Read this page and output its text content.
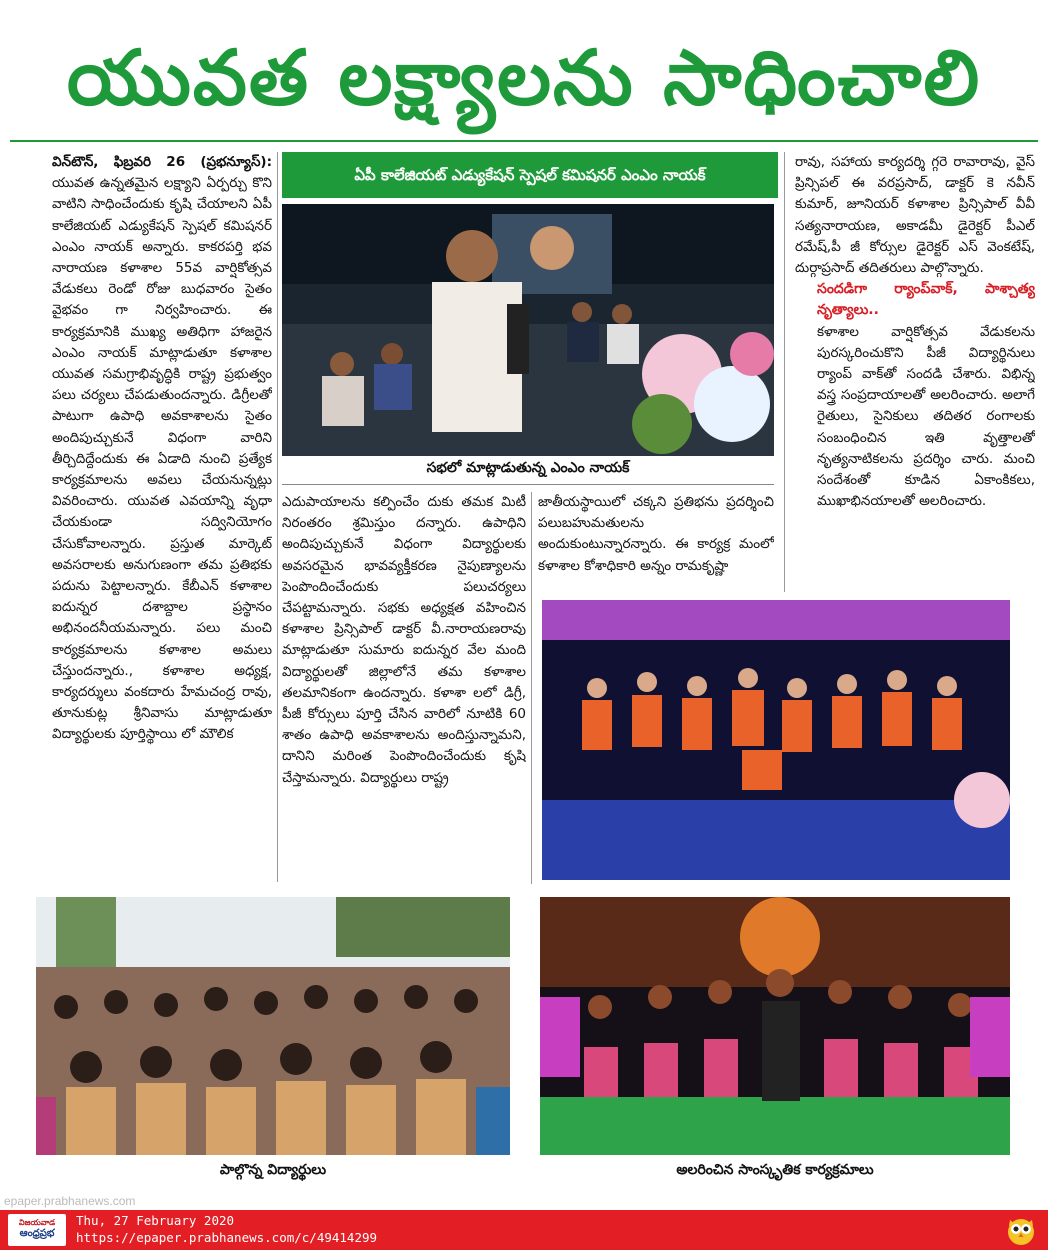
యువత లక్ష్యాలను సాధించాలి

విన్‌టౌన్, ఫిబ్రవరి 26 (ప్రభన్యూస్): యువత ఉన్నతమైన లక్ష్యాని ఏర్పర్చు కొని వాటిని సాధించేందుకు కృషి చేయాలని ఏపీ కాలేజియట్ ఎడ్యుకేషన్ స్పెషల్ కమిషనర్ ఎంఎం నాయక్ అన్నారు. కాకరపర్తి భవ నారాయణ కళాశాల 55వ వార్షికోత్సవ వేడుకలు రెండో రోజు బుధవారం సైతం వైభవం గా నిర్వహించారు. ఈ కార్యక్రమానికి ముఖ్య అతిధిగా హాజరైన ఎంఎం నాయక్ మాట్లాడుతూ కళాశాల యువత సమగ్రాభివృద్ధికి రాష్ట్ర ప్రభుత్వం పలు చర్యలు చేపడుతుందన్నారు. డిగ్రీలతో పాటుగా ఉపాధి అవకాశాలను సైతం అందిపుచ్చుకునే విధంగా వారిని తీర్చిదిద్దేందుకు ఈ ఏడాది నుంచి ప్రత్యేక కార్యక్రమాలను అవలు చేయనున్నట్లు వివరించారు. యువత ఎవయాన్ని వృధా చేయకుండా సద్వినియోగం చేసుకోవాలన్నారు. ప్రస్తుత మార్కెట్ అవసరాలకు అనుగుణంగా తమ ప్రతిభకు పదును పెట్టాలన్నారు. కేబీఎన్ కళాశాల ఐదున్నర దశాబ్దాల ప్రస్థానం అభినందనీయమన్నారు. పలు మంచి కార్యక్రమాలను కళాశాల అమలు చేస్తుందన్నారు., కళాశాల అధ్యక్ష, కార్యదర్శులు వంకదారు హేమచంద్ర రావు, తూనుకుట్ల శ్రీనివాసు మాట్లాడుతూ విద్యార్థులకు పూర్తిస్థాయి లో మౌలిక

ఏపీ కాలేజియట్ ఎడ్యుకేషన్ స్పెషల్ కమిషనర్ ఎంఎం నాయక్
సభలో మాట్లాడుతున్న ఎంఎం నాయక్

ఎదుపాయాలను కల్పించేం దుకు తమక మిటీ నిరంతరం శ్రమిస్తుం దన్నారు. ఉపాధిని అందిపుచ్చుకునే విధంగా విద్యార్థులకు అవసరమైన భావవ్యక్తీకరణ నైపుణ్యాలను పెంపొందించేందుకు పలుచర్యలు చేపట్టామన్నారు. సభకు అధ్యక్షత వహించిన కళాశాల ప్రిన్సిపాల్ డాక్టర్ వీ.నారాయణరావు మాట్లాడుతూ సుమారు ఐదున్నర వేల మంది విద్యార్థులతో జిల్లాలోనే తమ కళాశాల తలమానికంగా ఉందన్నారు. కళాశా లలో డిగ్రీ, పీజీ కోర్సులు పూర్తి చేసిన వారిలో నూటికి 60 శాతం ఉపాధి అవకాశాలను అందిస్తున్నామని, దానిని మరింత పెంపొందించేందుకు కృషి చేస్తామన్నారు. విద్యార్థులు రాష్ట్ర

జాతీయస్థాయిలో చక్కని ప్రతిభను ప్రదర్శించి పలుబహుమతులను అందుకుంటున్నారన్నారు. ఈ కార్యక్ర మంలో కళాశాల కోశాధికారి అన్నం రామకృష్ణా

రావు, సహాయ కార్యదర్శి గ్గరె రావారావు, వైస్ ప్రిన్సిపల్ ఈ వరప్రసాద్, డాక్టర్ కె నవీన్ కుమార్, జూనియర్ కళాశాల ప్రిన్సిపాల్ వీవీ సత్యనారాయణ, అకాడమీ డైరెక్టర్ పీఎల్ రమేష్,పీ జీ కోర్సుల డైరెక్టర్ ఎస్ వెంకటేష్, దుర్గాప్రసాద్ తదితరులు పాల్గొన్నారు.

సందడిగా ర్యాంప్‌వాక్, పాశ్చాత్య నృత్యాలు..

కళాశాల వార్షికోత్సవ వేడుకలను పురస్కరించుకొని పీజీ విద్యార్థినులు ర్యాంప్ వాక్‌తో సందడి చేశారు. విభిన్న వస్త్ర సంప్రదాయాలతో అలరించారు. అలాగే రైతులు, సైనికులు తదితర రంగాలకు సంబంధించిన ఇతి వృత్తాలతో నృత్యనాటికలను ప్రదర్శిం చారు. మంచి సందేశంతో కూడిన ఏకాంకికలు, ముఖాభినయాలతో అలరించారు.

పాల్గొన్న విద్యార్థులు	అలరించిన సాంస్కృతిక కార్యక్రమాలు
epaper.prabhanews.com
విజయవాడ
ఆంధ్రప్రభ
Thu, 27 February 2020
https://epaper.prabhanews.com/c/49414299
